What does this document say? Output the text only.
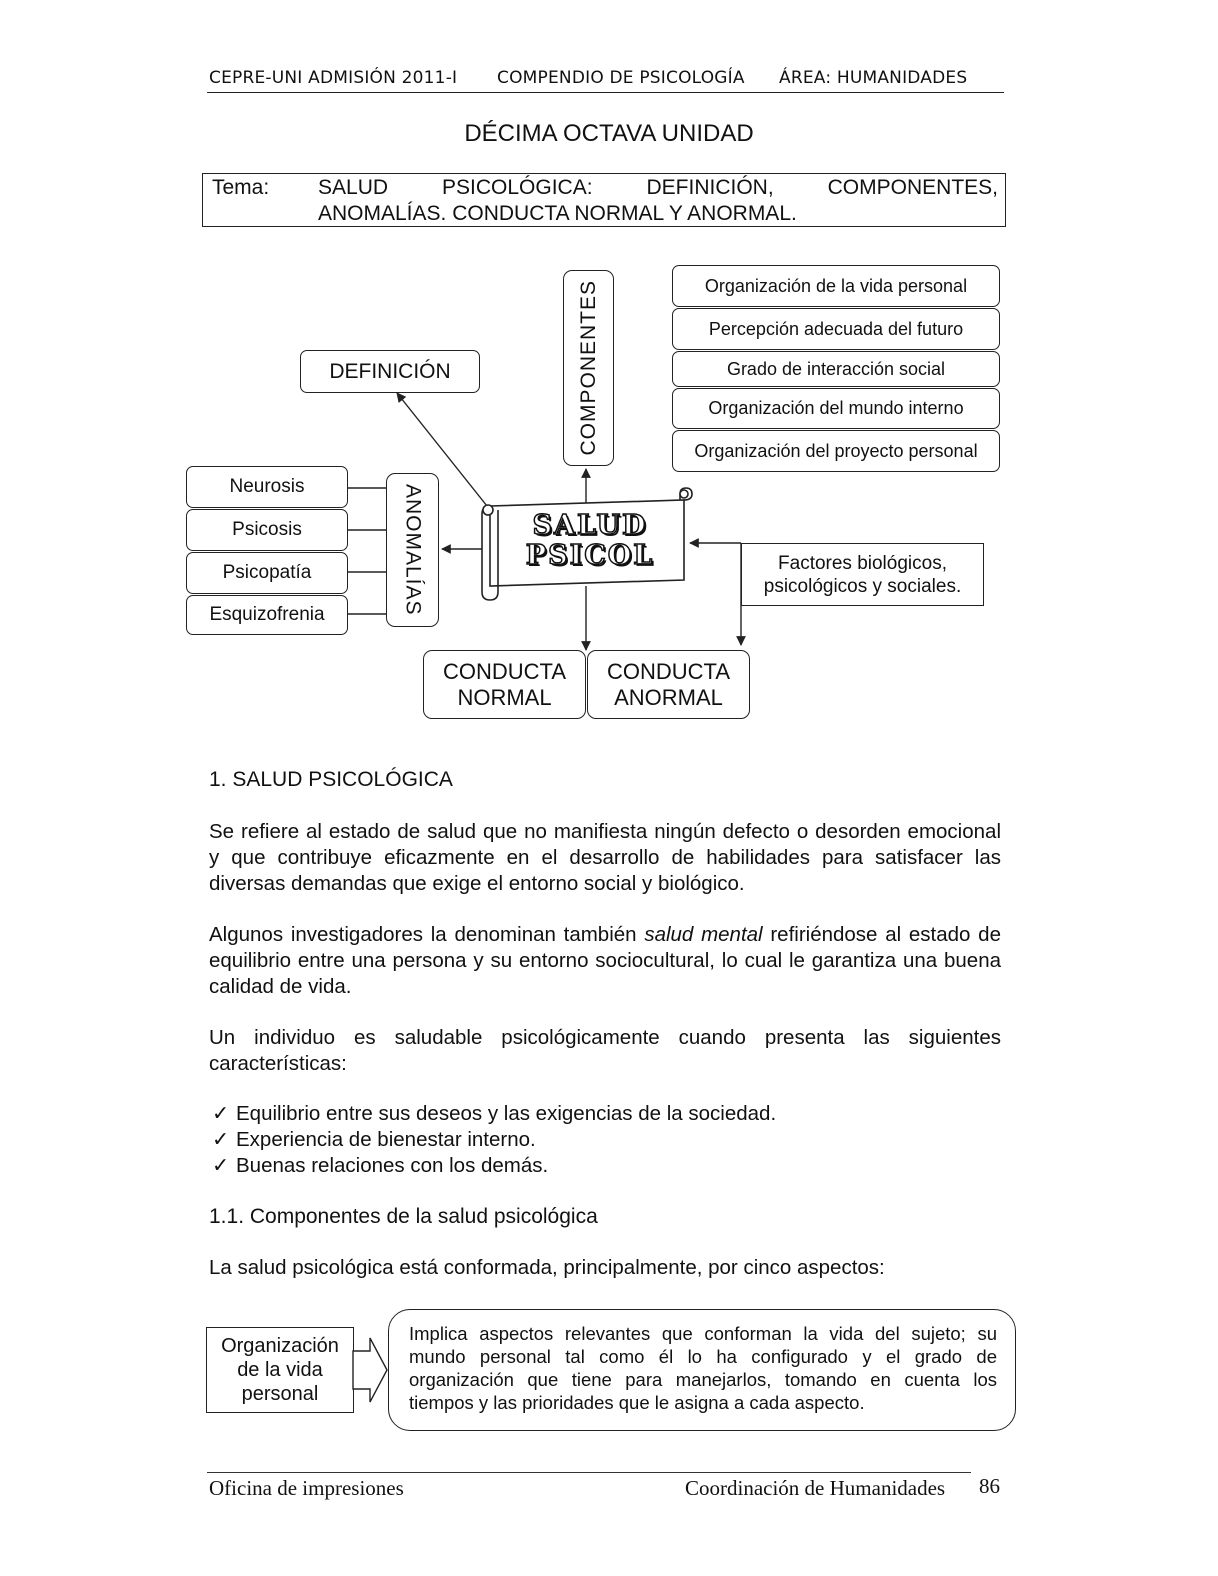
CEPRE-UNI ADMISIÓN 2011-I COMPENDIO DE PSICOLOGÍA ÁREA: HUMANIDADES
DÉCIMA OCTAVA UNIDAD
Tema: SALUD PSICOLÓGICA: DEFINICIÓN, COMPONENTES,
ANOMALÍAS. CONDUCTA NORMAL Y ANORMAL.
SALUD
PSICOL
DEFINICIÓN	COMPONENTES	Organización de la vida personal
Percepción adecuada del futuro
Grado de interacción social
Organización del mundo interno
Organización del proyecto personal
Neurosis
Psicosis
Psicopatía
Esquizofrenia	ANOMALÍAS	Factores biológicos,
psicológicos y sociales.
CONDUCTA
NORMAL
CONDUCTA
ANORMAL
1. SALUD PSICOLÓGICA
Se refiere al estado de salud que no manifiesta ningún defecto o desorden emocional y que contribuye eficazmente en el desarrollo de habilidades para satisfacer las diversas demandas que exige el entorno social y biológico.
Algunos investigadores la denominan también salud mental refiriéndose al estado de equilibrio entre una persona y su entorno sociocultural, lo cual le garantiza una buena calidad de vida.
Un individuo es saludable psicológicamente cuando presenta las siguientes características:
✓ Equilibrio entre sus deseos y las exigencias de la sociedad.
✓ Experiencia de bienestar interno.
✓ Buenas relaciones con los demás.
1.1. Componentes de la salud psicológica
La salud psicológica está conformada, principalmente, por cinco aspectos:
Organización
de la vida
personal
Implica aspectos relevantes que conforman la vida del sujeto; su mundo personal tal como él lo ha configurado y el grado de organización que tiene para manejarlos, tomando en cuenta los tiempos y las prioridades que le asigna a cada aspecto.
Oficina de impresiones	Coordinación de Humanidades 86
